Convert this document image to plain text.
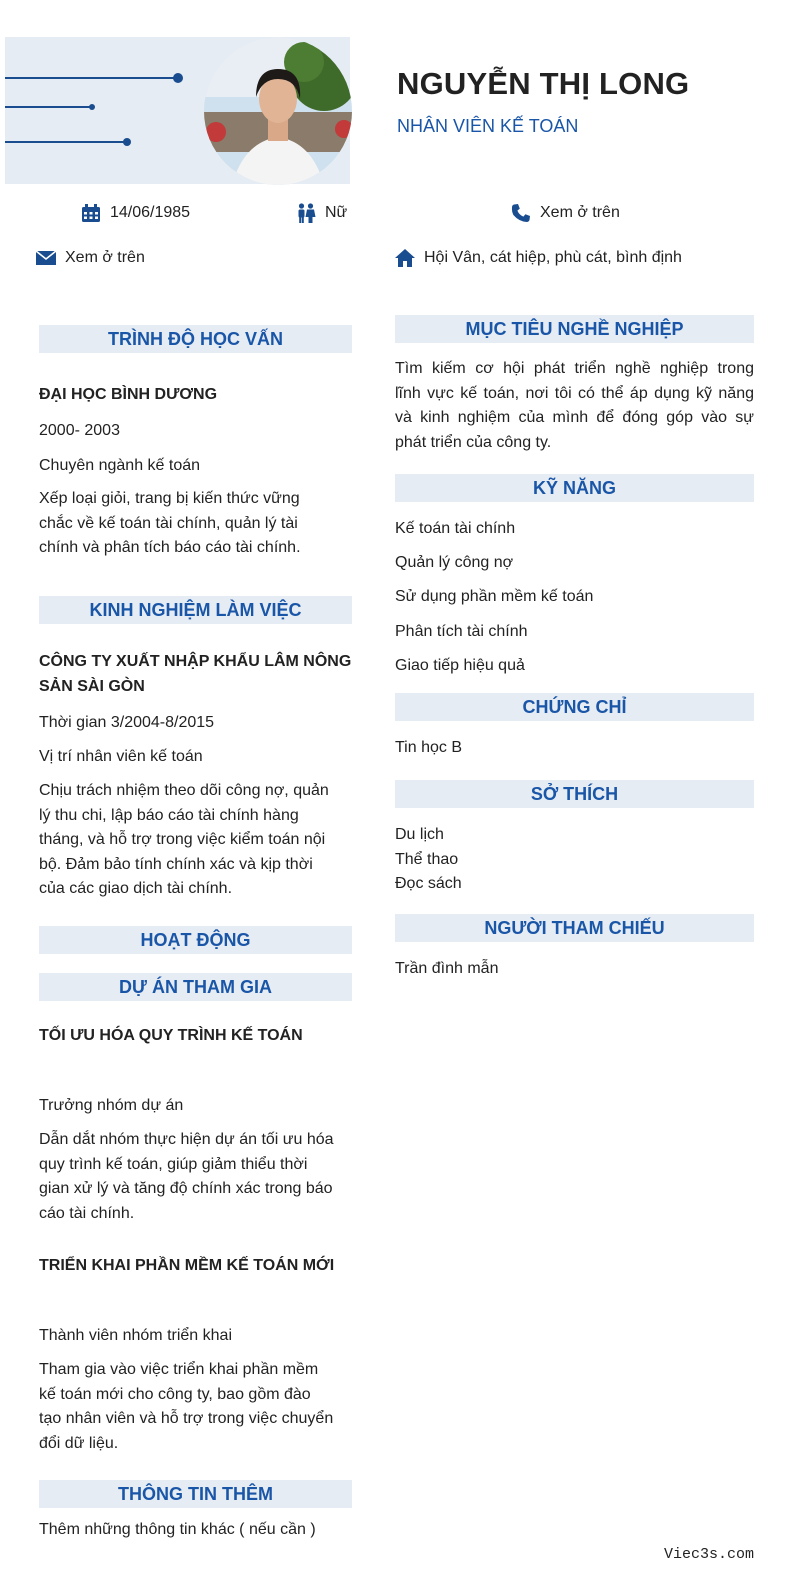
NGUYỄN THỊ LONG
NHÂN VIÊN KẾ TOÁN
14/06/1985	Nữ	Xem ở trên
Xem ở trên	Hội Vân, cát hiệp, phù cát, bình định
TRÌNH ĐỘ HỌC VẤN
ĐẠI HỌC BÌNH DƯƠNG
2000- 2003
Chuyên ngành kế toán
Xếp loại giỏi, trang bị kiến thức vững
chắc về kế toán tài chính, quản lý tài
chính và phân tích báo cáo tài chính.
KINH NGHIỆM LÀM VIỆC
CÔNG TY XUẤT NHẬP KHẨU LÂM NÔNG
SẢN SÀI GÒN
Thời gian 3/2004-8/2015
Vị trí nhân viên kế toán
Chịu trách nhiệm theo dõi công nợ, quản
lý thu chi, lập báo cáo tài chính hàng
tháng, và hỗ trợ trong việc kiểm toán nội
bộ. Đảm bảo tính chính xác và kịp thời
của các giao dịch tài chính.
HOẠT ĐỘNG
DỰ ÁN THAM GIA
TỐI ƯU HÓA QUY TRÌNH KẾ TOÁN
Trưởng nhóm dự án
Dẫn dắt nhóm thực hiện dự án tối ưu hóa
quy trình kế toán, giúp giảm thiểu thời
gian xử lý và tăng độ chính xác trong báo
cáo tài chính.
TRIỂN KHAI PHẦN MỀM KẾ TOÁN MỚI
Thành viên nhóm triển khai
Tham gia vào việc triển khai phần mềm
kế toán mới cho công ty, bao gồm đào
tạo nhân viên và hỗ trợ trong việc chuyển
đổi dữ liệu.
THÔNG TIN THÊM
Thêm những thông tin khác ( nếu cần )
MỤC TIÊU NGHỀ NGHIỆP
Tìm kiếm cơ hội phát triển nghề nghiệp trong
lĩnh vực kế toán, nơi tôi có thể áp dụng kỹ năng
và kinh nghiệm của mình để đóng góp vào sự
phát triển của công ty.
KỸ NĂNG
Kế toán tài chính
Quản lý công nợ
Sử dụng phần mềm kế toán
Phân tích tài chính
Giao tiếp hiệu quả
CHỨNG CHỈ
Tin học B
SỞ THÍCH
Du lịch
Thể thao
Đọc sách
NGƯỜI THAM CHIẾU
Trần đình mẫn
Viec3s.com
